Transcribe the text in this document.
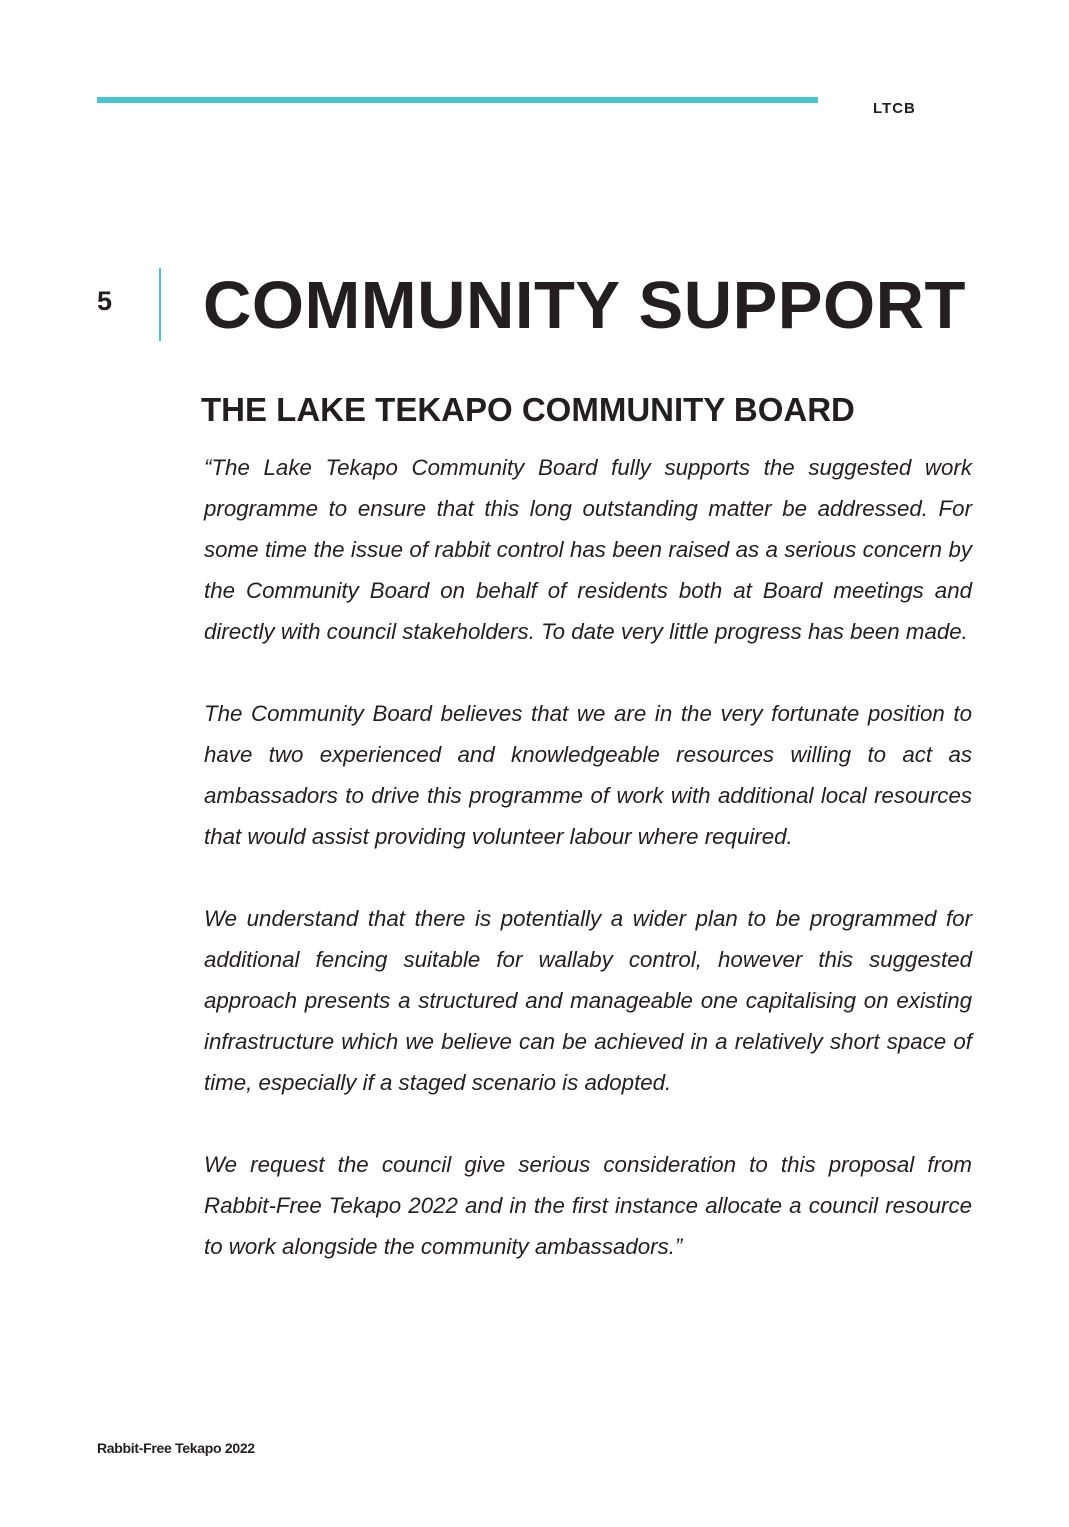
LTCB
5 COMMUNITY SUPPORT
THE LAKE TEKAPO COMMUNITY BOARD

“The Lake Tekapo Community Board fully supports the suggested work programme to ensure that this long outstanding matter be addressed. For some time the issue of rabbit control has been raised as a serious concern by the Community Board on behalf of residents both at Board meetings and directly with council stakeholders. To date very little progress has been made.

The Community Board believes that we are in the very fortunate position to have two experienced and knowledgeable resources willing to act as ambassadors to drive this programme of work with additional local resources that would assist providing volunteer labour where required.

We understand that there is potentially a wider plan to be programmed for additional fencing suitable for wallaby control, however this suggested approach presents a structured and manageable one capitalising on existing infrastructure which we believe can be achieved in a relatively short space of time, especially if a staged scenario is adopted.

We request the council give serious consideration to this proposal from Rabbit-Free Tekapo 2022 and in the first instance allocate a council resource to work alongside the community ambassadors.”

Rabbit-Free Tekapo 2022
